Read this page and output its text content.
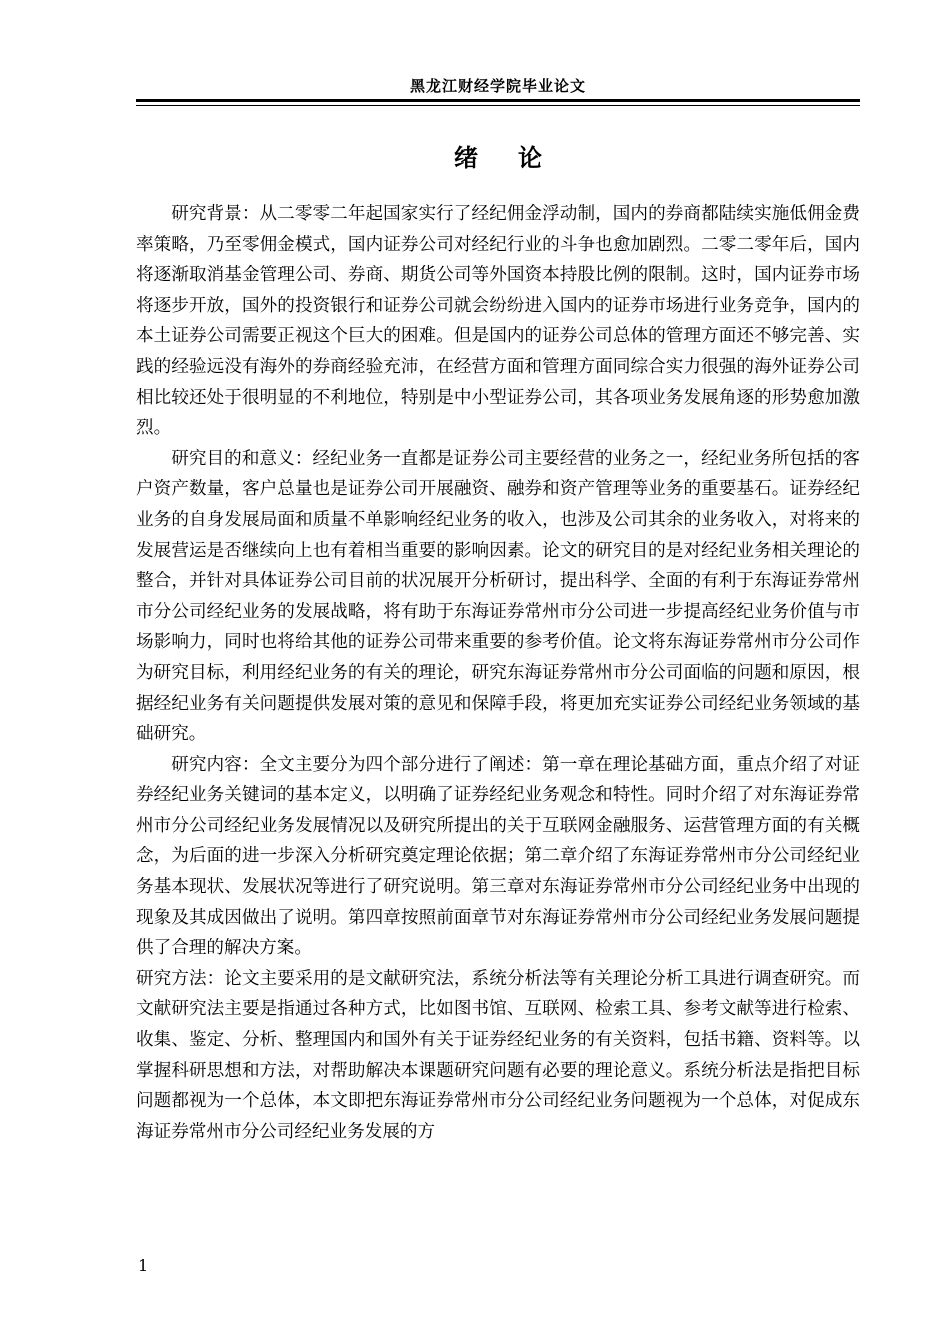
黑龙江财经学院毕业论文
绪论

研究背景：从二零零二年起国家实行了经纪佣金浮动制，国内的券商都陆续实施低佣金费率策略，乃至零佣金模式，国内证券公司对经纪行业的斗争也愈加剧烈。二零二零年后，国内将逐渐取消基金管理公司、券商、期货公司等外国资本持股比例的限制。这时，国内证券市场将逐步开放，国外的投资银行和证券公司就会纷纷进入国内的证券市场进行业务竞争，国内的本土证券公司需要正视这个巨大的困难。但是国内的证券公司总体的管理方面还不够完善、实践的经验远没有海外的券商经验充沛，在经营方面和管理方面同综合实力很强的海外证券公司相比较还处于很明显的不利地位，特别是中小型证券公司，其各项业务发展角逐的形势愈加激烈。

研究目的和意义：经纪业务一直都是证券公司主要经营的业务之一，经纪业务所包括的客户资产数量，客户总量也是证券公司开展融资、融券和资产管理等业务的重要基石。证券经纪业务的自身发展局面和质量不单影响经纪业务的收入，也涉及公司其余的业务收入，对将来的发展营运是否继续向上也有着相当重要的影响因素。论文的研究目的是对经纪业务相关理论的整合，并针对具体证券公司目前的状况展开分析研讨，提出科学、全面的有利于东海证券常州市分公司经纪业务的发展战略，将有助于东海证券常州市分公司进一步提高经纪业务价值与市场影响力，同时也将给其他的证券公司带来重要的参考价值。论文将东海证券常州市分公司作为研究目标，利用经纪业务的有关的理论，研究东海证券常州市分公司面临的问题和原因，根据经纪业务有关问题提供发展对策的意见和保障手段，将更加充实证券公司经纪业务领域的基础研究。

研究内容：全文主要分为四个部分进行了阐述：第一章在理论基础方面，重点介绍了对证券经纪业务关键词的基本定义，以明确了证券经纪业务观念和特性。同时介绍了对东海证券常州市分公司经纪业务发展情况以及研究所提出的关于互联网金融服务、运营管理方面的有关概念，为后面的进一步深入分析研究奠定理论依据；第二章介绍了东海证券常州市分公司经纪业务基本现状、发展状况等进行了研究说明。第三章对东海证券常州市分公司经纪业务中出现的现象及其成因做出了说明。第四章按照前面章节对东海证券常州市分公司经纪业务发展问题提供了合理的解决方案。

研究方法：论文主要采用的是文献研究法，系统分析法等有关理论分析工具进行调查研究。而文献研究法主要是指通过各种方式，比如图书馆、互联网、检索工具、参考文献等进行检索、收集、鉴定、分析、整理国内和国外有关于证券经纪业务的有关资料，包括书籍、资料等。以掌握科研思想和方法，对帮助解决本课题研究问题有必要的理论意义。系统分析法是指把目标问题都视为一个总体，本文即把东海证券常州市分公司经纪业务问题视为一个总体，对促成东海证券常州市分公司经纪业务发展的方

1
